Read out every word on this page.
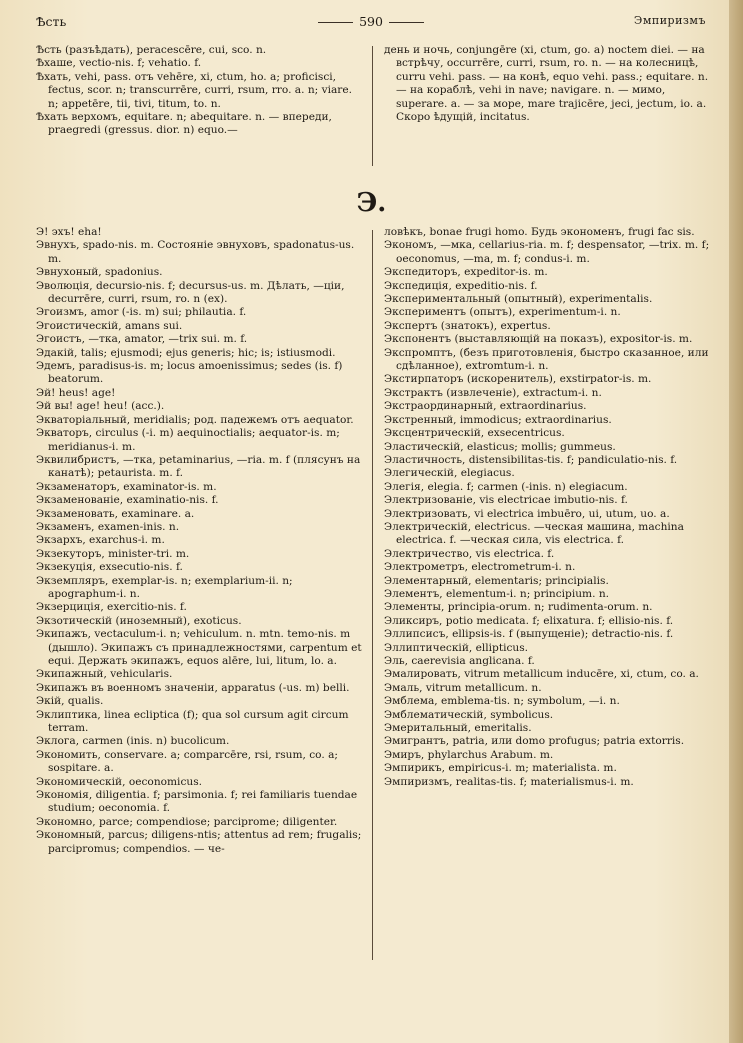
Ѣсть	590	Эмпиризмъ

Ѣсть (разъѣдать), peracescēre, cui, sco. n.

Ѣхаше, vectio-nis. f; vehatio. f.

Ѣхать, vehi, pass. отъ vehēre, xi, ctum, ho. a; proficisci, fectus, scor. n; transcurrēre, curri, rsum, rro. a. n; viare. n; appetēre, tii, tivi, titum, to. n.

Ѣхать верхомъ, equitare. n; abequitare. n. — впереди, praegredi (gressus. dior. n) equo.—

день и ночь, conjungēre (xi, ctum, go. a) noctem diei. — на встрѣчу, occurrēre, curri, rsum, ro. n. — на колесницѣ, curru vehi. pass. — на конѣ, equo vehi. pass.; equitare. n. — на кораблѣ, vehi in nave; navigare. n. — мимо, superare. a. — за море, mare trajicēre, jeci, jectum, io. a. Скоро ѣдущій, incitatus.

Э.

Э! эхъ! eha!

Эвнухъ, spado-nis. m. Состояніе эвнуховъ, spadonatus-us. m.

Эвнухоный, spadonius.

Эволюція, decursio-nis. f; decursus-us. m. Дѣлать, —ціи, decurrēre, curri, rsum, ro. n (ex).

Эгоизмъ, amor (-is. m) sui; philautia. f.

Эгоистическій, amans sui.

Эгоистъ, —тка, amator, —trix sui. m. f.

Эдакій, talis; ejusmodi; ejus generis; hic; is; istiusmodi.

Эдемъ, paradisus-is. m; locus amoenissimus; sedes (is. f) beatorum.

Эй! heus! age!

Эй вы! age! heu! (acc.).

Экваторіальный, meridialis; род. падежемъ отъ aequator.

Экваторъ, circulus (-i. m) aequinoctialis; aequator-is. m; meridianus-i. m.

Эквилибристъ, —тка, petaminarius, —ria. m. f (плясунъ на канатѣ); petaurista. m. f.

Экзаменаторъ, examinator-is. m.

Экзаменованіе, examinatio-nis. f.

Экзаменовать, examinare. a.

Экзаменъ, examen-inis. n.

Экзархъ, exarchus-i. m.

Экзекуторъ, minister-tri. m.

Экзекуція, exsecutio-nis. f.

Экземпляръ, exemplar-is. n; exemplarium-ii. n; apographum-i. n.

Экзерциція, exercitio-nis. f.

Экзотическій (иноземный), exoticus.

Экипажъ, vectaculum-i. n; vehiculum. n. mtn. temo-nis. m (дышло). Экипажъ съ принадлежностями, carpentum et equi. Держать экипажъ, equos alēre, lui, litum, lo. a.

Экипажный, vehicularis.

Экипажъ въ военномъ значеніи, apparatus (-us. m) belli.

Экій, qualis.

Эклиптика, linea ecliptica (f); qua sol cursum agit circum terram.

Эклога, carmen (inis. n) bucolicum.

Экономить, conservare. a; comparcēre, rsi, rsum, co. a; sospitare. a.

Экономическій, oeconomicus.

Экономія, diligentia. f; parsimonia. f; rei familiaris tuendae studium; oeconomia. f.

Экономно, parce; compendiose; parcipromе; diligenter.

Экономный, parcus; diligens-ntis; attentus ad rem; frugalis; parcipromus; compendios. — че-

ловѣкъ, bonae frugi homo. Будь экономенъ, frugi fac sis.

Экономъ, —мка, cellarius-ria. m. f; despensator, —trix. m. f; oeconomus, —ma, m. f; condus-i. m.

Экспедиторъ, expeditor-is. m.

Экспедиція, expeditio-nis. f.

Экспериментальный (опытный), experimentalis.

Экспериментъ (опытъ), experimentum-i. n.

Экспертъ (знатокъ), expertus.

Экспонентъ (выставляющій на показъ), expositor-is. m.

Экспромптъ, (безъ приготовленія, быстро сказанное, или сдѣланное), extromtum-i. n.

Экстирпаторъ (искоренитель), exstirpator-is. m.

Экстрактъ (извлеченіе), extractum-i. n.

Экстраординарный, extraordinarius.

Экстренный, immodicus; extraordinarius.

Эксцентрическій, exsecentricus.

Эластическій, elasticus; mollis; gummeus.

Эластичность, distensibilitas-tis. f; pandiculatio-nis. f.

Элегическій, elegiacus.

Элегія, elegia. f; carmen (-inis. n) elegiacum.

Электризованіе, vis electricae imbutio-nis. f.

Электризовать, vi electrica imbuēro, ui, utum, uo. a.

Электрическій, electricus. —ческая машина, machina electrica. f. —ческая сила, vis electrica. f.

Электричество, vis electrica. f.

Электрометръ, electrometrum-i. n.

Элементарный, elementaris; principialis.

Элементъ, elementum-i. n; principium. n.

Элементы, principia-orum. n; rudimenta-orum. n.

Эликсиръ, potio medicata. f; elixatura. f; ellisio-nis. f.

Эллипсисъ, ellipsis-is. f (выпущеніе); detractio-nis. f.

Эллиптическій, ellipticus.

Эль, caerevisia anglicana. f.

Эмалировать, vitrum metallicum inducēre, xi, ctum, co. a.

Эмаль, vitrum metallicum. n.

Эмблема, emblema-tis. n; symbolum, —i. n.

Эмблематическій, symbolicus.

Эмеритальный, emeritalis.

Эмигрантъ, patria, или domo profugus; patria extorris.

Эмиръ, phylarchus Arabum. m.

Эмпирикъ, empiricus-i. m; materialista. m.

Эмпиризмъ, realitas-tis. f; materialismus-i. m.
